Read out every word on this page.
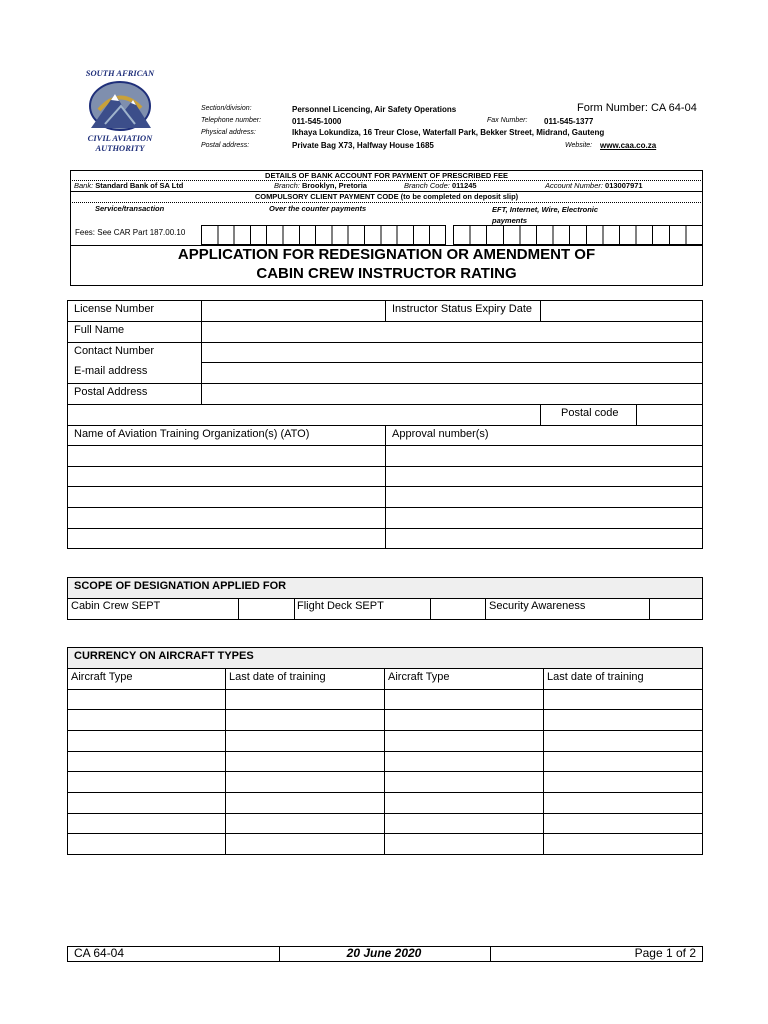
SOUTH AFRICAN
CIVIL AVIATION
AUTHORITY
Section/division:	Personnel Licencing, Air Safety Operations	Form Number: CA 64-04
Telephone number:	011-545-1000	Fax Number: 011-545-1377
Physical address:	Ikhaya Lokundiza, 16 Treur Close, Waterfall Park, Bekker Street, Midrand, Gauteng
Postal address:	Private Bag X73, Halfway House 1685	Website: www.caa.co.za
DETAILS OF BANK ACCOUNT FOR PAYMENT OF PRESCRIBED FEE
Bank: Standard Bank of SA Ltd	Branch: Brooklyn, Pretoria	Branch Code: 011245	Account Number: 013007971
COMPULSORY CLIENT PAYMENT CODE (to be completed on deposit slip)
Service/transaction	Over the counter payments	EFT, Internet, Wire, Electronic payments
Fees: See CAR Part 187.00.10
APPLICATION FOR REDESIGNATION OR AMENDMENT OF
CABIN CREW INSTRUCTOR RATING
License Number	Instructor Status Expiry Date
Full Name
Contact Number
E-mail address
Postal Address
Postal code
Name of Aviation Training Organization(s) (ATO)	Approval number(s)
SCOPE OF DESIGNATION APPLIED FOR
Cabin Crew SEPT	Flight Deck SEPT	Security Awareness
CURRENCY ON AIRCRAFT TYPES
Aircraft Type	Last date of training	Aircraft Type	Last date of training
CA 64-04	20 June 2020	Page 1 of 2
